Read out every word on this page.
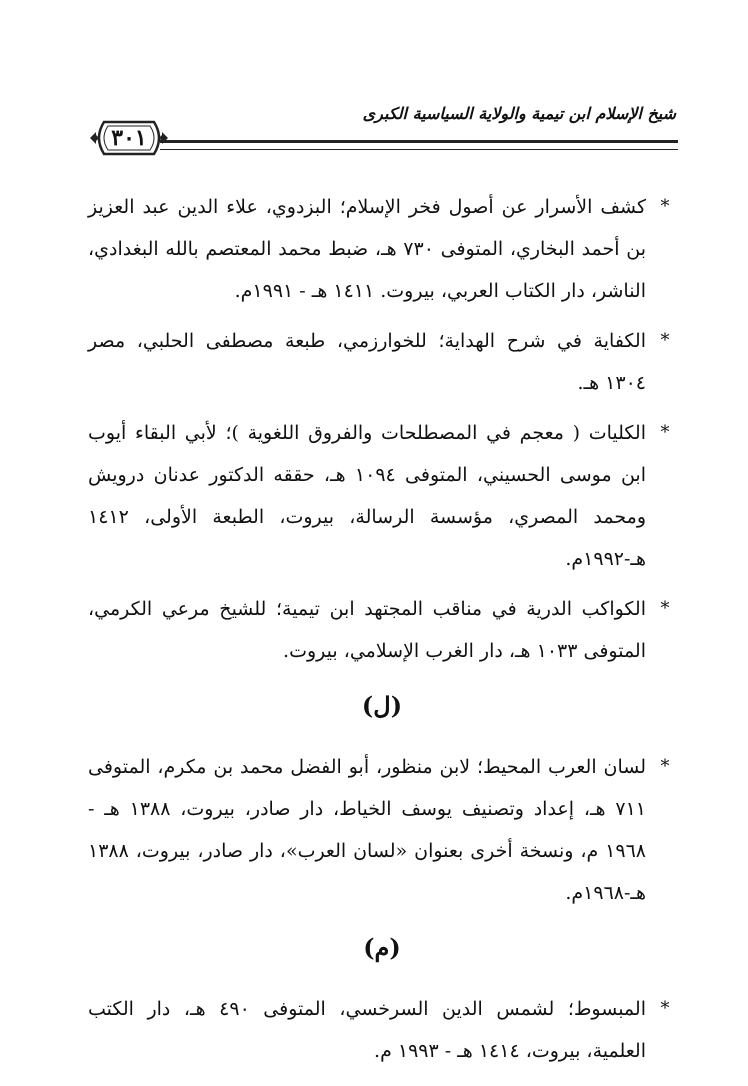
شيخ الإسلام ابن تيمية والولاية السياسية الكبرى
٣٠١
*
كشف الأسرار عن أصول فخر الإسلام؛ البزدوي، علاء الدين عبد العزيز بن أحمد البخاري، المتوفى ٧٣٠ هـ، ضبط محمد المعتصم بالله البغدادي، الناشر، دار الكتاب العربي، بيروت. ١٤١١ هـ - ١٩٩١م.
*
الكفاية في شرح الهداية؛ للخوارزمي، طبعة مصطفى الحلبي، مصر ١٣٠٤ هـ.
*
الكليات ( معجم في المصطلحات والفروق اللغوية )؛ لأبي البقاء أيوب ابن موسى الحسيني، المتوفى ١٠٩٤ هـ، حققه الدكتور عدنان درويش ومحمد المصري، مؤسسة الرسالة، بيروت، الطبعة الأولى، ١٤١٢ هـ-١٩٩٢م.
*
الكواكب الدرية في مناقب المجتهد ابن تيمية؛ للشيخ مرعي الكرمي، المتوفى ١٠٣٣ هـ، دار الغرب الإسلامي، بيروت.
(ل)
*
لسان العرب المحيط؛ لابن منظور، أبو الفضل محمد بن مكرم، المتوفى ٧١١ هـ، إعداد وتصنيف يوسف الخياط، دار صادر، بيروت، ١٣٨٨ هـ - ١٩٦٨ م، ونسخة أخرى بعنوان «لسان العرب»، دار صادر، بيروت، ١٣٨٨ هـ-١٩٦٨م.
(م)
*
المبسوط؛ لشمس الدين السرخسي، المتوفى ٤٩٠ هـ، دار الكتب العلمية، بيروت، ١٤١٤ هـ - ١٩٩٣ م.
